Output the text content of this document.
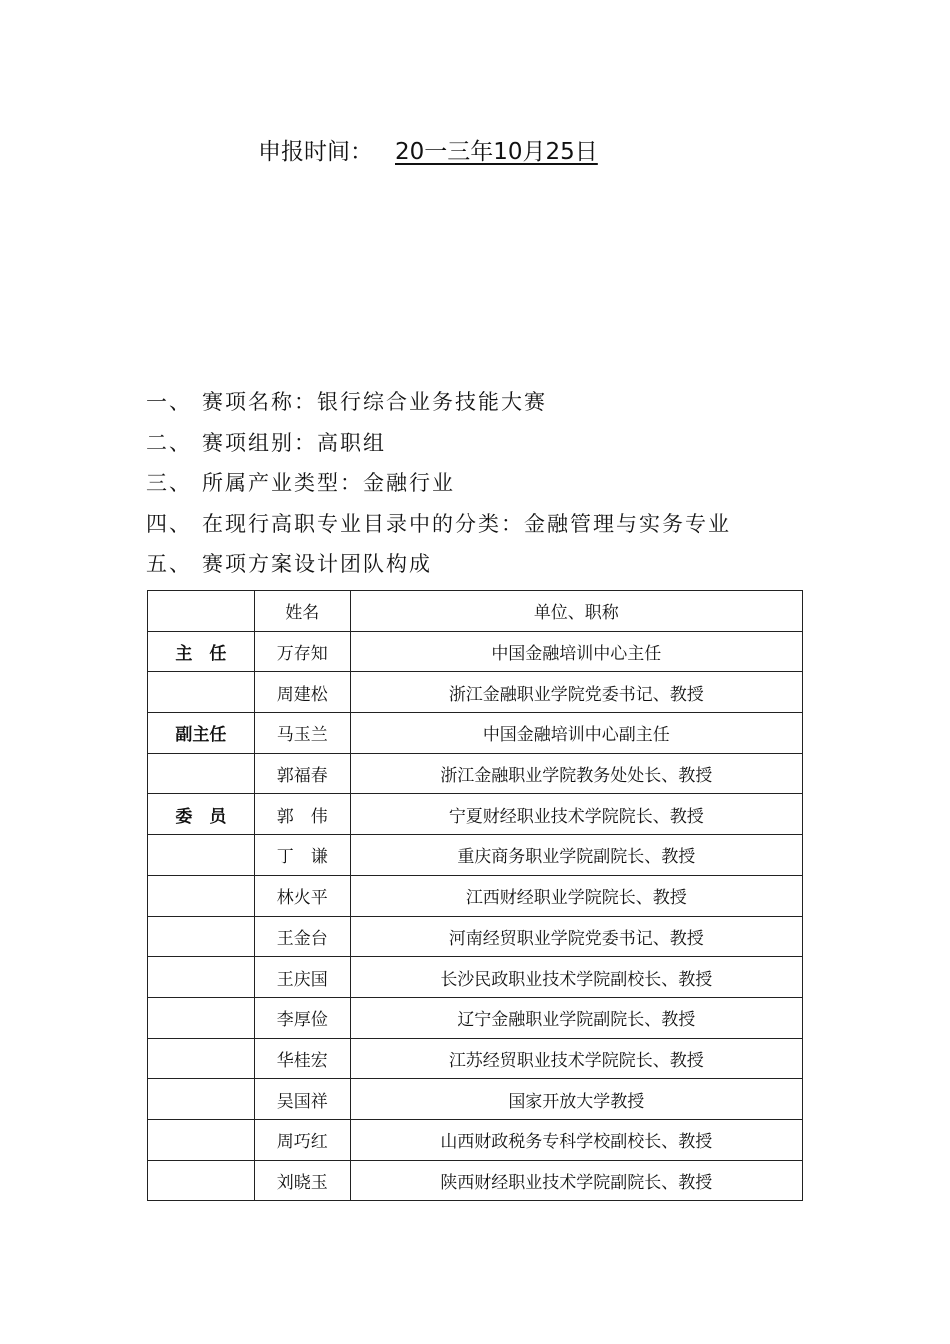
申报时间： 20一三年10月25日
一、 赛项名称：银行综合业务技能大赛
二、 赛项组别：高职组
三、 所属产业类型：金融行业
四、 在现行高职专业目录中的分类：金融管理与实务专业
五、 赛项方案设计团队构成
	姓名	单位、职称
主　任	万存知	中国金融培训中心主任
	周建松	浙江金融职业学院党委书记、教授
副主任	马玉兰	中国金融培训中心副主任
	郭福春	浙江金融职业学院教务处处长、教授
委　员	郭　伟	宁夏财经职业技术学院院长、教授
	丁　谦	重庆商务职业学院副院长、教授
	林火平	江西财经职业学院院长、教授
	王金台	河南经贸职业学院党委书记、教授
	王庆国	长沙民政职业技术学院副校长、教授
	李厚俭	辽宁金融职业学院副院长、教授
	华桂宏	江苏经贸职业技术学院院长、教授
	吴国祥	国家开放大学教授
	周巧红	山西财政税务专科学校副校长、教授
	刘晓玉	陕西财经职业技术学院副院长、教授
